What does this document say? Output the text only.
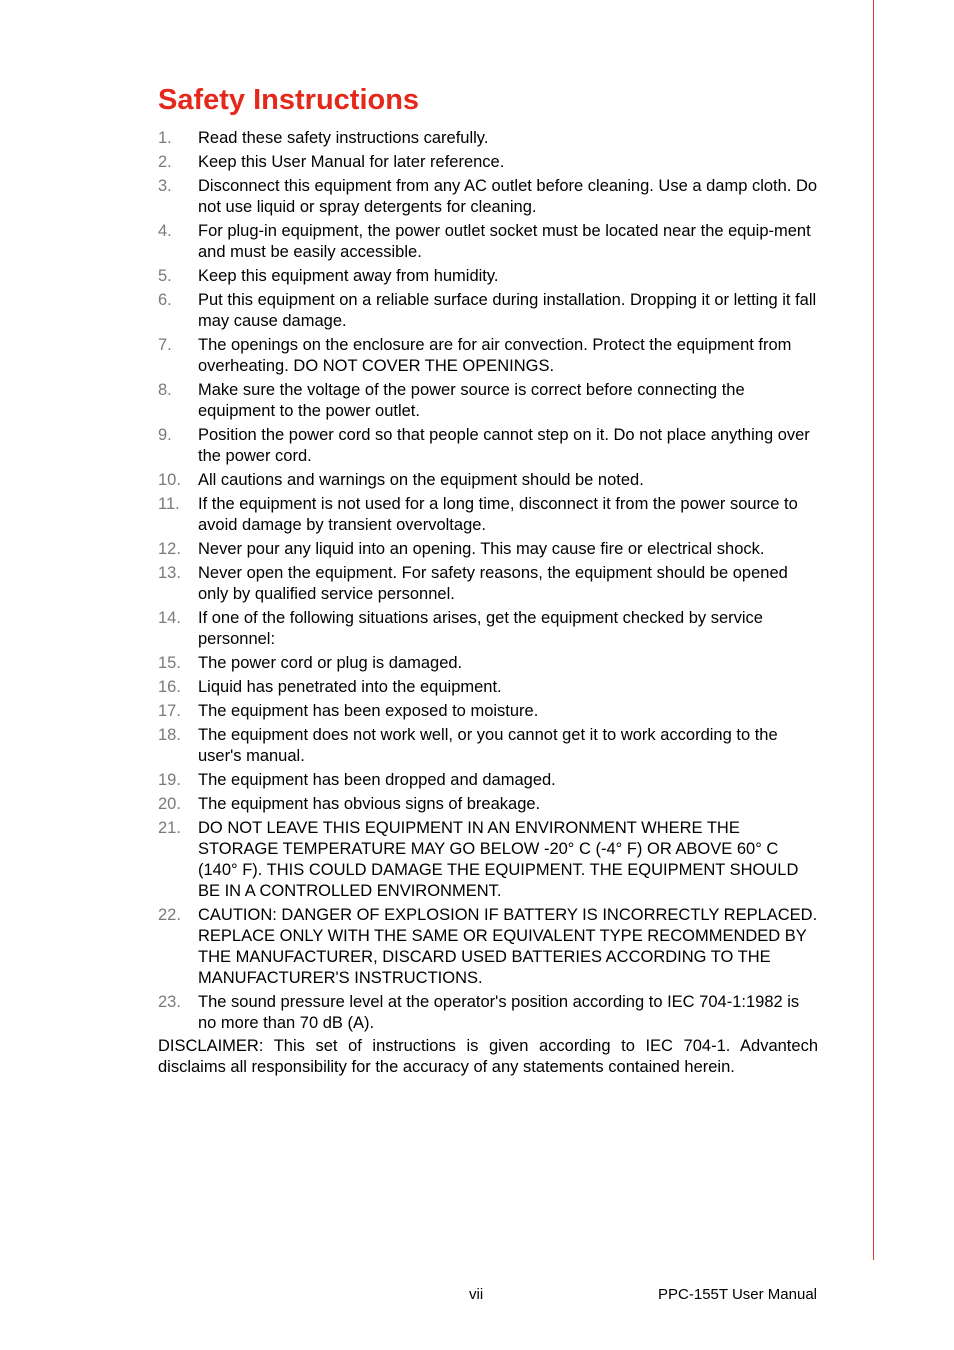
Safety Instructions
1.	Read these safety instructions carefully.
2.	Keep this User Manual for later reference.
3.	Disconnect this equipment from any AC outlet before cleaning. Use a damp cloth. Do not use liquid or spray detergents for cleaning.
4.	For plug-in equipment, the power outlet socket must be located near the equip-ment and must be easily accessible.
5.	Keep this equipment away from humidity.
6.	Put this equipment on a reliable surface during installation. Dropping it or letting it fall may cause damage.
7.	The openings on the enclosure are for air convection. Protect the equipment from overheating. DO NOT COVER THE OPENINGS.
8.	Make sure the voltage of the power source is correct before connecting the equipment to the power outlet.
9.	Position the power cord so that people cannot step on it. Do not place anything over the power cord.
10.	All cautions and warnings on the equipment should be noted.
11.	If the equipment is not used for a long time, disconnect it from the power source to avoid damage by transient overvoltage.
12.	Never pour any liquid into an opening. This may cause fire or electrical shock.
13.	Never open the equipment. For safety reasons, the equipment should be opened only by qualified service personnel.
14.	If one of the following situations arises, get the equipment checked by service personnel:
15.	The power cord or plug is damaged.
16.	Liquid has penetrated into the equipment.
17.	The equipment has been exposed to moisture.
18.	The equipment does not work well, or you cannot get it to work according to the user's manual.
19.	The equipment has been dropped and damaged.
20.	The equipment has obvious signs of breakage.
21.	DO NOT LEAVE THIS EQUIPMENT IN AN ENVIRONMENT WHERE THE STORAGE TEMPERATURE MAY GO BELOW -20° C (-4° F) OR ABOVE 60° C (140° F). THIS COULD DAMAGE THE EQUIPMENT. THE EQUIPMENT SHOULD BE IN A CONTROLLED ENVIRONMENT.
22.	CAUTION: DANGER OF EXPLOSION IF BATTERY IS INCORRECTLY REPLACED. REPLACE ONLY WITH THE SAME OR EQUIVALENT TYPE RECOMMENDED BY THE MANUFACTURER, DISCARD USED BATTERIES ACCORDING TO THE MANUFACTURER'S INSTRUCTIONS.
23.	The sound pressure level at the operator's position according to IEC 704-1:1982 is no more than 70 dB (A).

DISCLAIMER: This set of instructions is given according to IEC 704-1. Advantech disclaims all responsibility for the accuracy of any statements contained herein.

vii	PPC-155T User Manual
